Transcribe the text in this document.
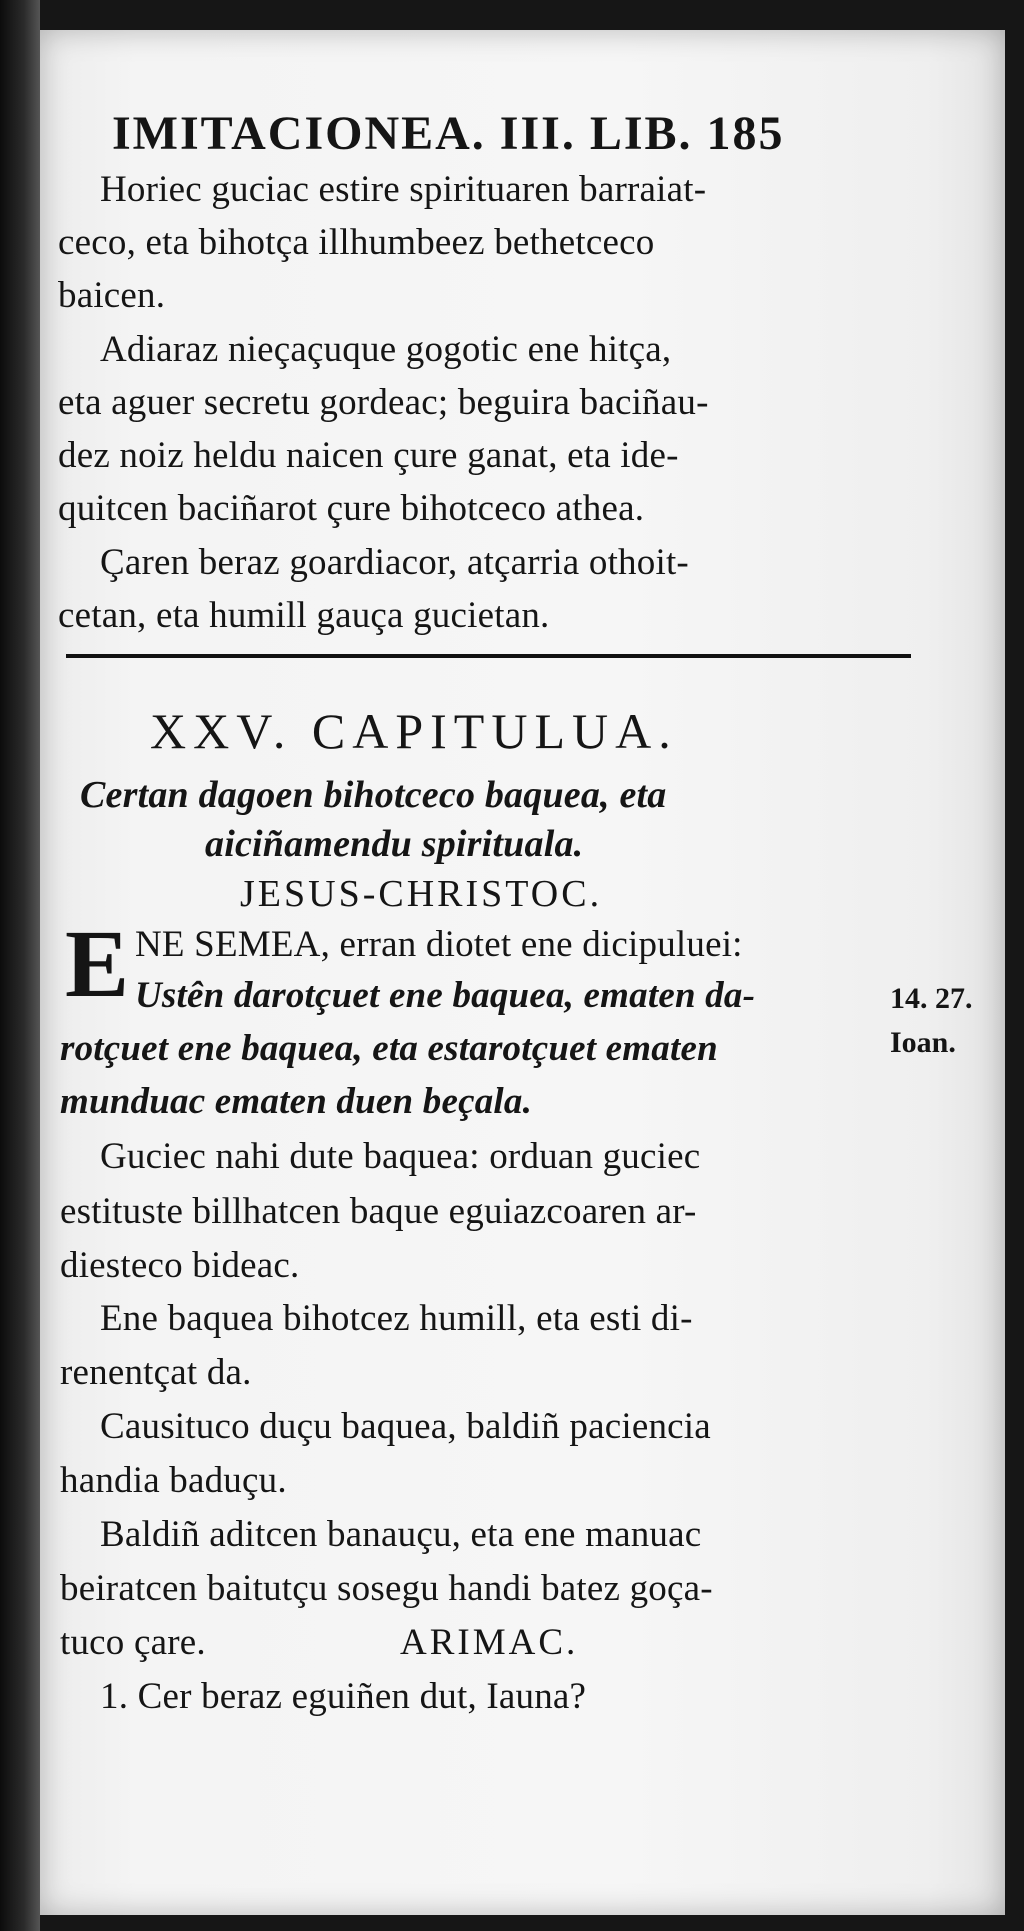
IMITACIONEA. III. LIB. 185
Horiec guciac estire spirituаren barraiat-
ceco, eta bihotça illhumbeez bethetceco
baicen.
Adiaraz nieçaçuque gogotic ene hitça,
eta aguer secretu gordeac; beguira baciñau-
dez noiz heldu naicen çure ganat, eta ide-
quitcen baciñarot çure bihotceco athea.
Çaren beraz goardiacor, atçarria othoit-
cetan, eta humill gauça gucietan.
XXV. CAPITULUA.
Certan dagoen bihotceco baquea, eta
aiciñamendu spirituala.
JESUS-CHRISTOC.
E NE SEMEA, erran diotet ene dicipuluei:
Ustên darotçuet ene baquea, ematen da-
rotçuet ene baquea, eta estarotçuet ematen
munduac ematen duen beçala.
Guciec nahi dute baquea: orduan guciec
estituste billhatcen baque eguiazcoaren ar-
diesteco bideac.
Ene baquea bihotcez humill, eta esti di-
renentçat da.
Causituco duçu baquea, baldiñ paciencia
handia baduçu.
Baldiñ aditcen banauçu, eta ene manuac
beiratcen baitutçu sosegu handi batez goça-
tuco çare.	ARIMAC.
1. Cer beraz eguiñen dut, Iauna?
14. 27.
Ioan.
